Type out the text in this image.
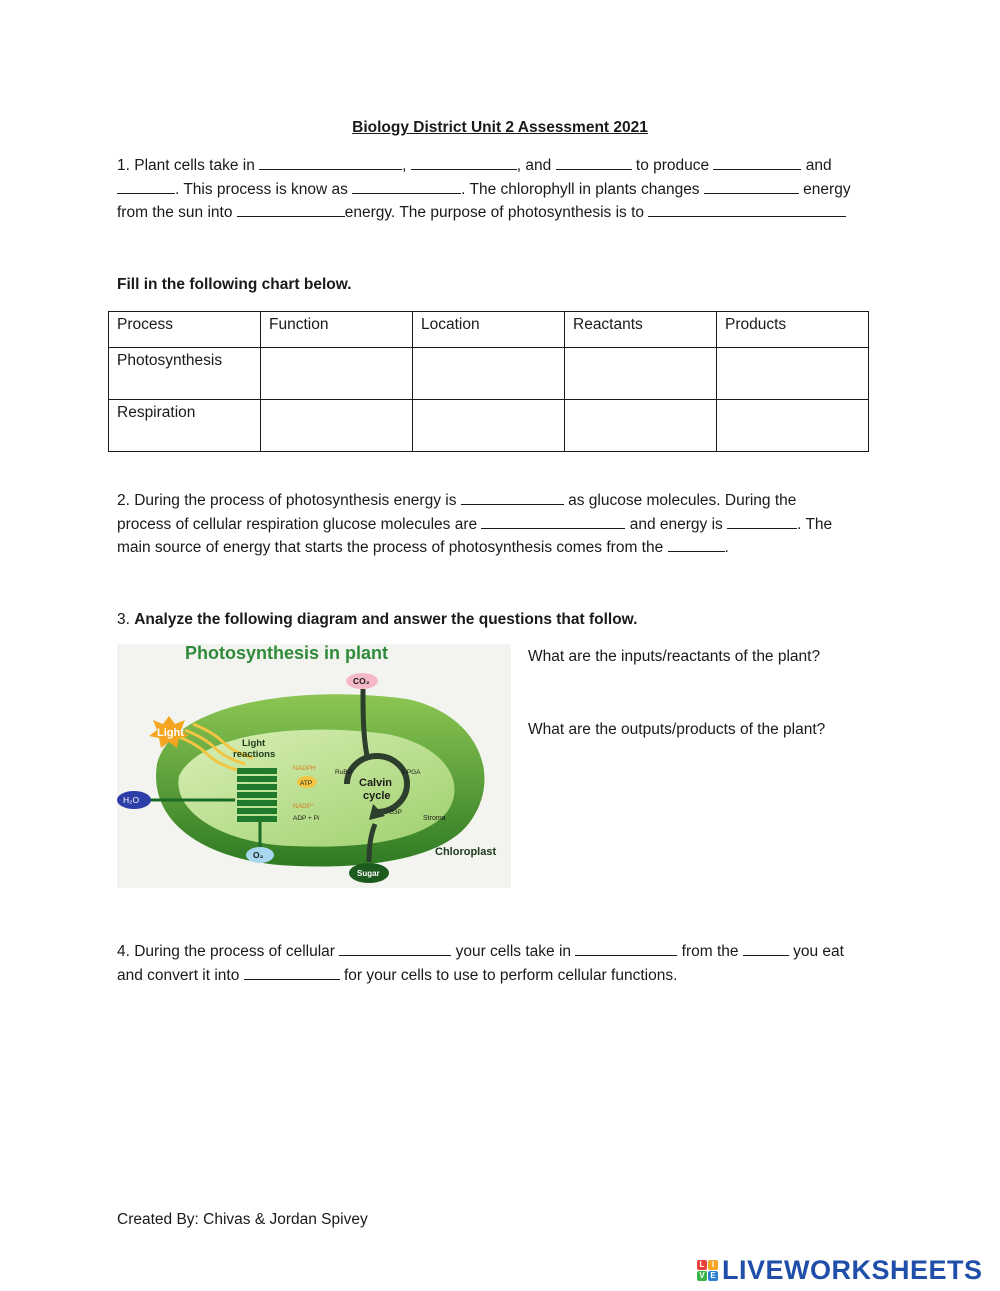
Biology District Unit 2 Assessment 2021
1. Plant cells take in	,	, and	to produce	and
. This process is know as	. The chlorophyll in plants changes	energy
from the sun into	energy. The purpose of photosynthesis is to
Fill in the following chart below.
Process	Function	Location	Reactants	Products
Photosynthesis				
Respiration				
2. During the process of photosynthesis energy is	as glucose molecules. During the
process of cellular respiration glucose molecules are	and energy is	. The
main source of energy that starts the process of photosynthesis comes from the	.
3. Analyze the following diagram and answer the questions that follow.
Photosynthesis in plant
Light
Light
reactions
CO₂
H₂O
O₂
Sugar
NADPH
ATP
NADP⁺
ADP + Pi
RuBP	3-PGA
G3P
Calvin
cycle
Stroma
Chloroplast
What are the inputs/reactants of the plant?
What are the outputs/products of the plant?
4. During the process of cellular	your cells take in	from the	you eat
and convert it into	for your cells to use to perform cellular functions.
Created By: Chivas & Jordan Spivey
L I
V E LIVEWORKSHEETS
